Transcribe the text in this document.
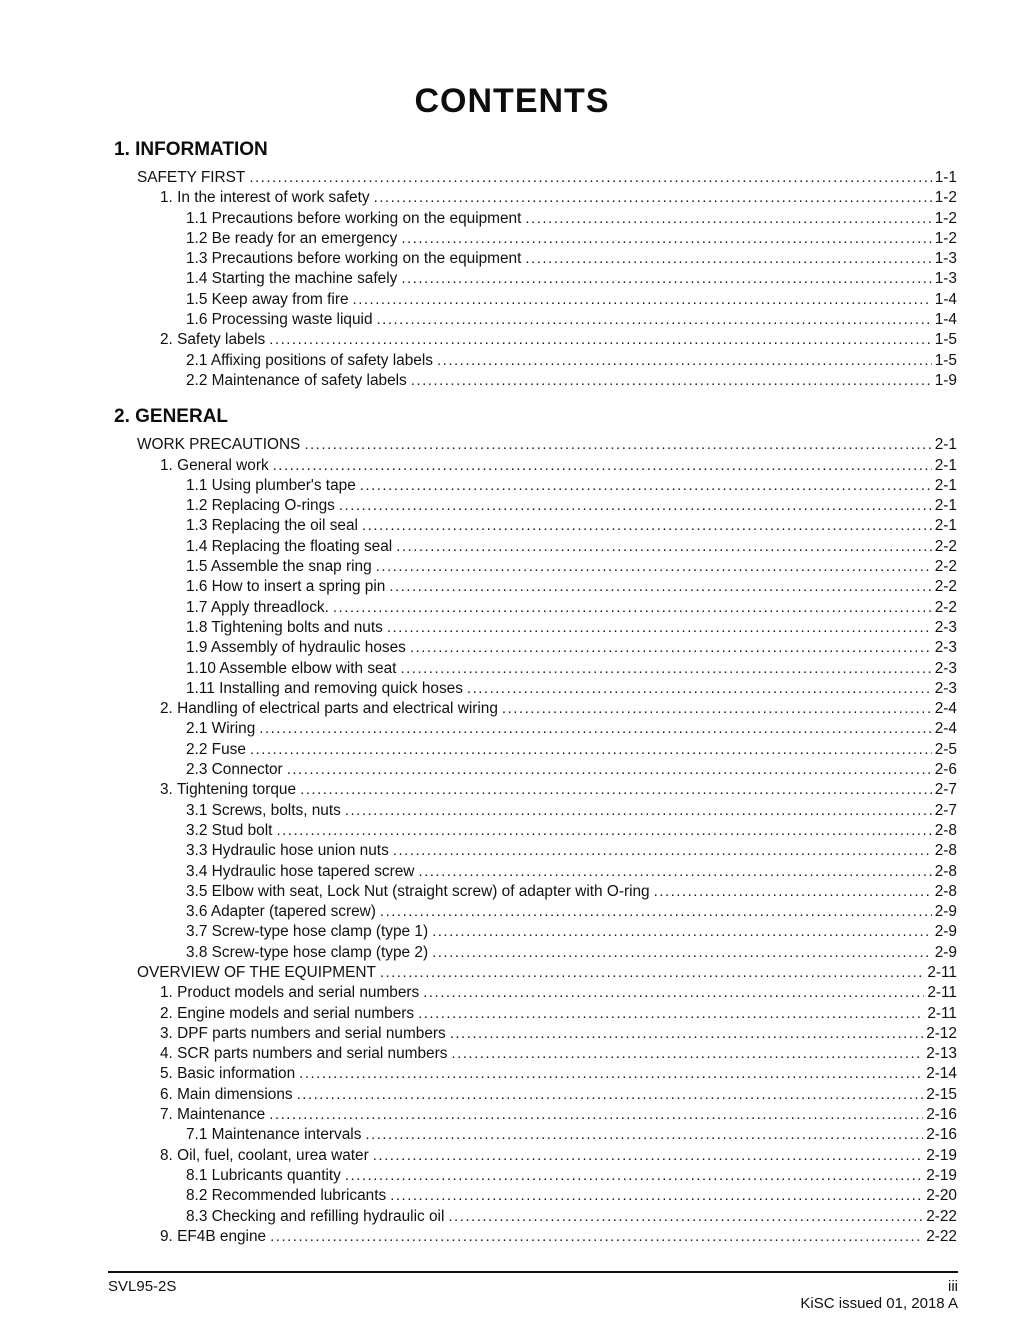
CONTENTS
1. INFORMATION
SAFETY FIRST .....	1-1
1. In the interest of work safety .....	1-2
1.1 Precautions before working on the equipment .....	1-2
1.2 Be ready for an emergency .....	1-2
1.3 Precautions before working on the equipment .....	1-3
1.4 Starting the machine safely .....	1-3
1.5 Keep away from fire .....	1-4
1.6 Processing waste liquid .....	1-4
2. Safety labels .....	1-5
2.1 Affixing positions of safety labels .....	1-5
2.2 Maintenance of safety labels .....	1-9
2. GENERAL
WORK PRECAUTIONS .....	2-1
1. General work .....	2-1
1.1 Using plumber's tape .....	2-1
1.2 Replacing O-rings .....	2-1
1.3 Replacing the oil seal .....	2-1
1.4 Replacing the floating seal .....	2-2
1.5 Assemble the snap ring .....	2-2
1.6 How to insert a spring pin .....	2-2
1.7 Apply threadlock. .....	2-2
1.8 Tightening bolts and nuts .....	2-3
1.9 Assembly of hydraulic hoses .....	2-3
1.10 Assemble elbow with seat .....	2-3
1.11 Installing and removing quick hoses .....	2-3
2. Handling of electrical parts and electrical wiring .....	2-4
2.1 Wiring .....	2-4
2.2 Fuse .....	2-5
2.3 Connector .....	2-6
3. Tightening torque .....	2-7
3.1 Screws, bolts, nuts .....	2-7
3.2 Stud bolt .....	2-8
3.3 Hydraulic hose union nuts .....	2-8
3.4 Hydraulic hose tapered screw .....	2-8
3.5 Elbow with seat, Lock Nut (straight screw) of adapter with O-ring .....	2-8
3.6 Adapter (tapered screw) .....	2-9
3.7 Screw-type hose clamp (type 1) .....	2-9
3.8 Screw-type hose clamp (type 2) .....	2-9
OVERVIEW OF THE EQUIPMENT .....	2-11
1. Product models and serial numbers .....	2-11
2. Engine models and serial numbers .....	2-11
3. DPF parts numbers and serial numbers .....	2-12
4. SCR parts numbers and serial numbers .....	2-13
5. Basic information .....	2-14
6. Main dimensions .....	2-15
7. Maintenance .....	2-16
7.1 Maintenance intervals .....	2-16
8. Oil, fuel, coolant, urea water .....	2-19
8.1 Lubricants quantity .....	2-19
8.2 Recommended lubricants .....	2-20
8.3 Checking and refilling hydraulic oil .....	2-22
9. EF4B engine .....	2-22
SVL95-2S	iii
KiSC issued 01, 2018 A
